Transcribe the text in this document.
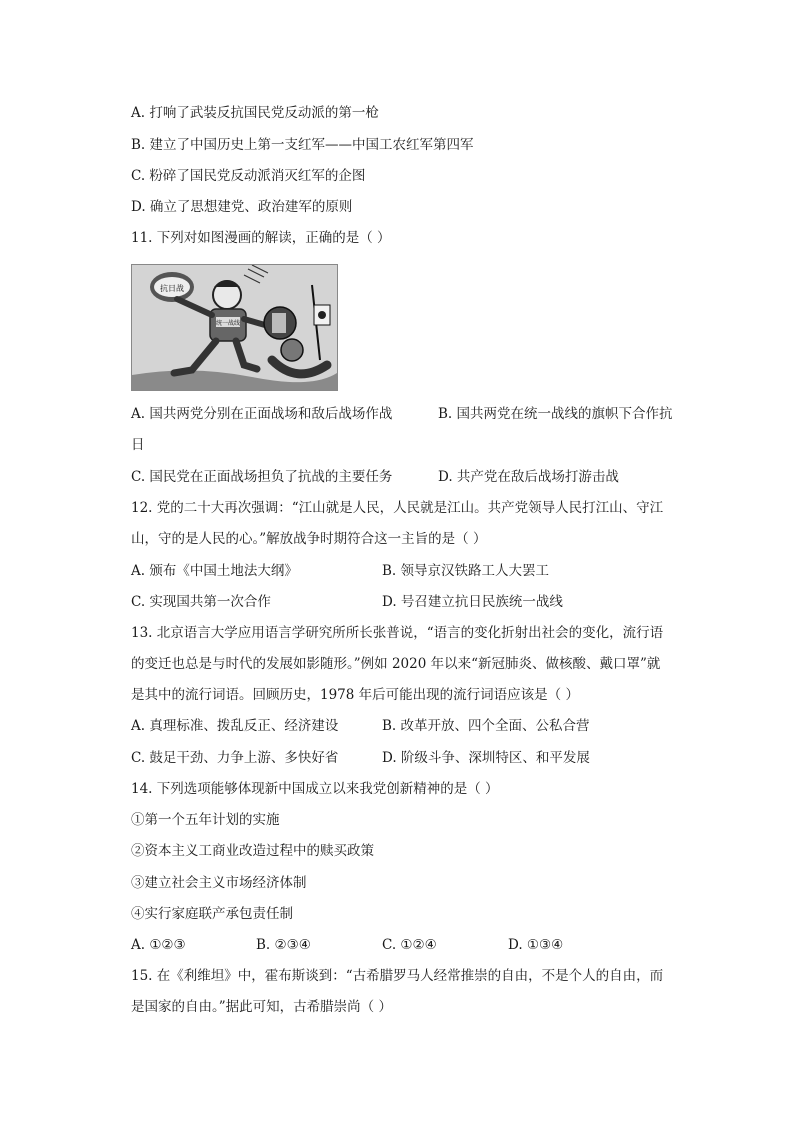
A. 打响了武装反抗国民党反动派的第一枪
B. 建立了中国历史上第一支红军——中国工农红军第四军
C. 粉碎了国民党反动派消灭红军的企图
D. 确立了思想建党、政治建军的原则
11. 下列对如图漫画的解读，正确的是（ ）
抗日战
统一战线
A. 国共两党分别在正面战场和敌后战场作战	B. 国共两党在统一战线的旗帜下合作抗
日
C. 国民党在正面战场担负了抗战的主要任务	D. 共产党在敌后战场打游击战
12. 党的二十大再次强调：“江山就是人民，人民就是江山。共产党领导人民打江山、守江
山，守的是人民的心。”解放战争时期符合这一主旨的是（ ）
A. 颁布《中国土地法大纲》	B. 领导京汉铁路工人大罢工
C. 实现国共第一次合作	D. 号召建立抗日民族统一战线
13. 北京语言大学应用语言学研究所所长张普说，“语言的变化折射出社会的变化，流行语
的变迁也总是与时代的发展如影随形。”例如 2020 年以来“新冠肺炎、做核酸、戴口罩”就
是其中的流行词语。回顾历史，1978 年后可能出现的流行词语应该是（ ）
A. 真理标准、拨乱反正、经济建设	B. 改革开放、四个全面、公私合营
C. 鼓足干劲、力争上游、多快好省	D. 阶级斗争、深圳特区、和平发展
14. 下列选项能够体现新中国成立以来我党创新精神的是（ ）
①第一个五年计划的实施
②资本主义工商业改造过程中的赎买政策
③建立社会主义市场经济体制
④实行家庭联产承包责任制
A. ①②③	B. ②③④	C. ①②④	D. ①③④
15. 在《利维坦》中，霍布斯谈到：“古希腊罗马人经常推崇的自由，不是个人的自由，而
是国家的自由。”据此可知，古希腊崇尚（ ）
